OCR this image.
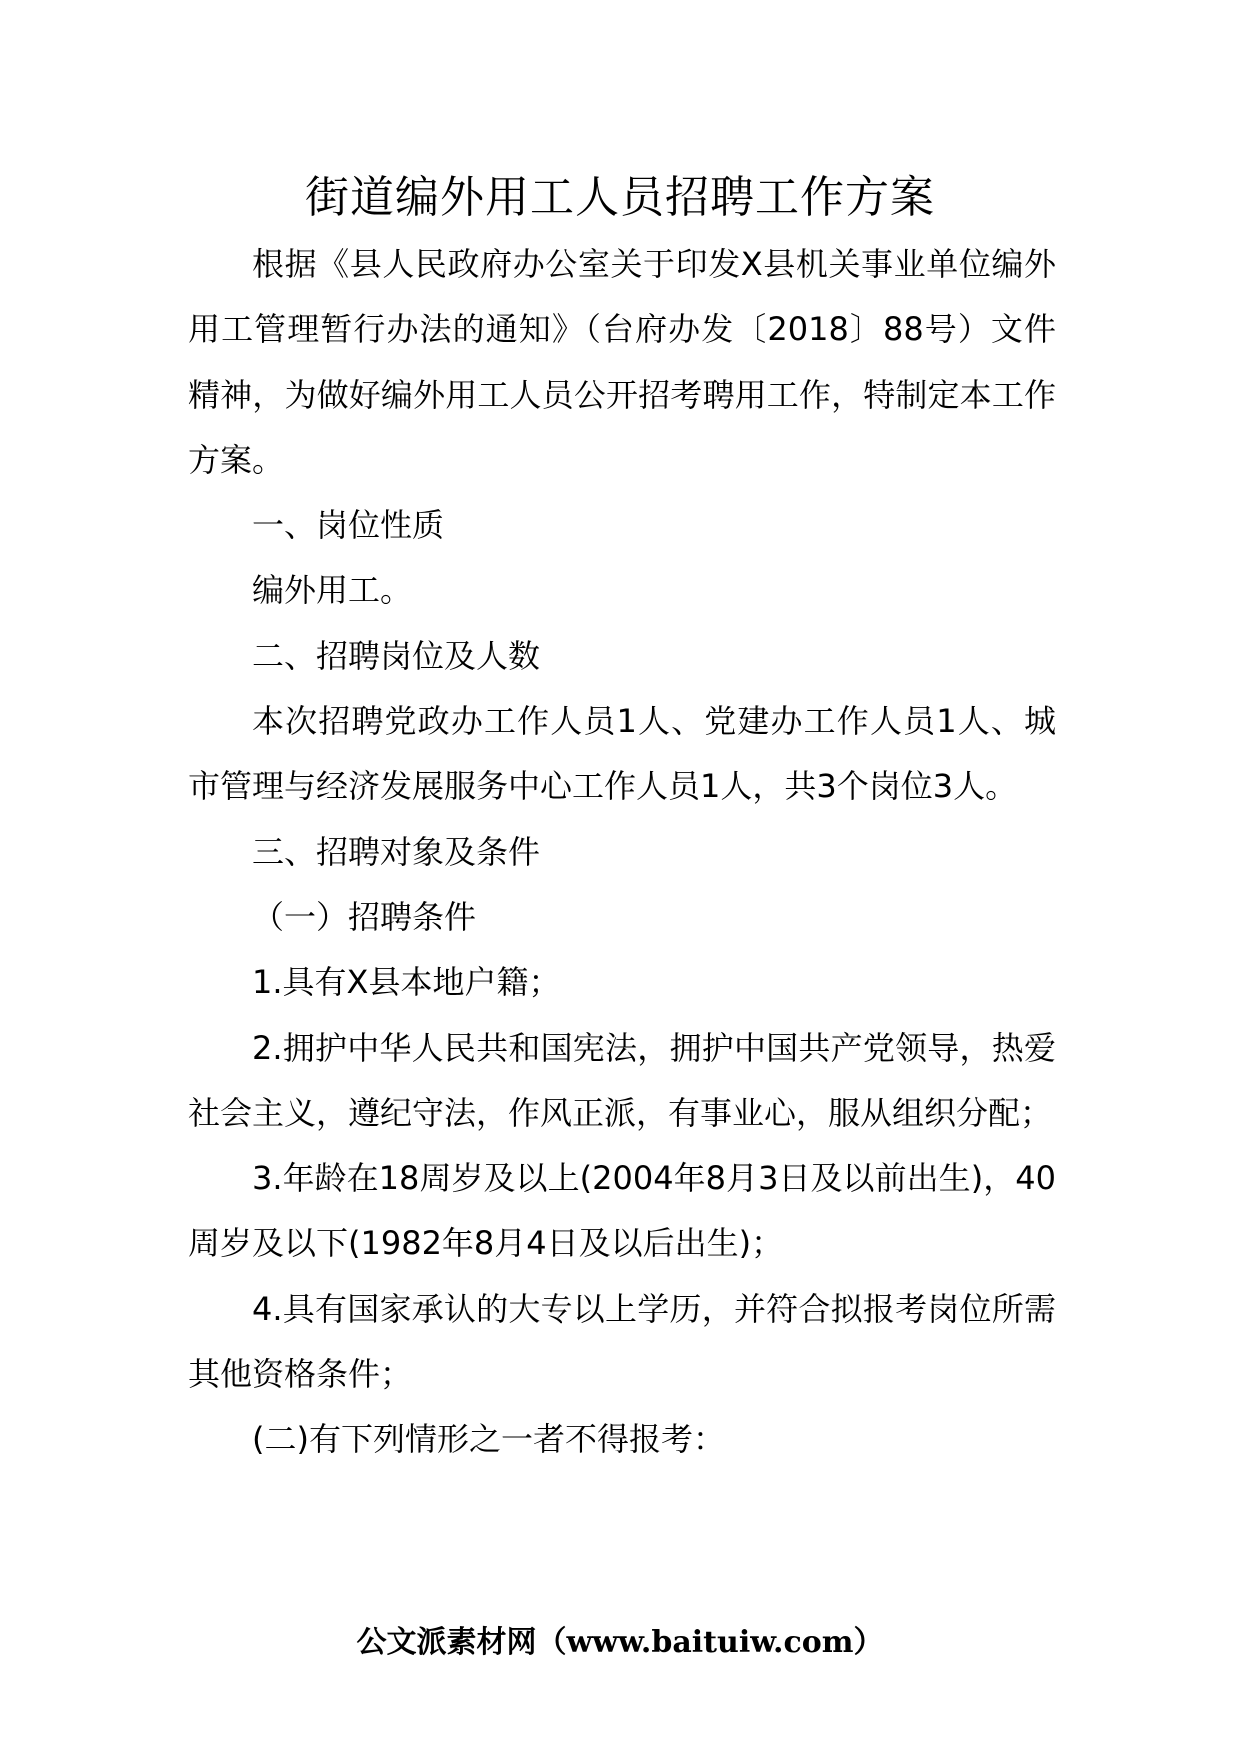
街道编外用工人员招聘工作方案

根据《县人民政府办公室关于印发X县机关事业单位编外用工管理暂行办法的通知》（台府办发〔2018〕88号）文件精神，为做好编外用工人员公开招考聘用工作，特制定本工作方案。

一、岗位性质

编外用工。

二、招聘岗位及人数

本次招聘党政办工作人员1人、党建办工作人员1人、城市管理与经济发展服务中心工作人员1人，共3个岗位3人。

三、招聘对象及条件

（一）招聘条件

1.具有X县本地户籍；

2.拥护中华人民共和国宪法，拥护中国共产党领导，热爱社会主义，遵纪守法，作风正派，有事业心，服从组织分配；

3.年龄在18周岁及以上(2004年8月3日及以前出生)，40周岁及以下(1982年8月4日及以后出生)；

4.具有国家承认的大专以上学历，并符合拟报考岗位所需其他资格条件；

(二)有下列情形之一者不得报考：

公文派素材网（www.baituiw.com）
